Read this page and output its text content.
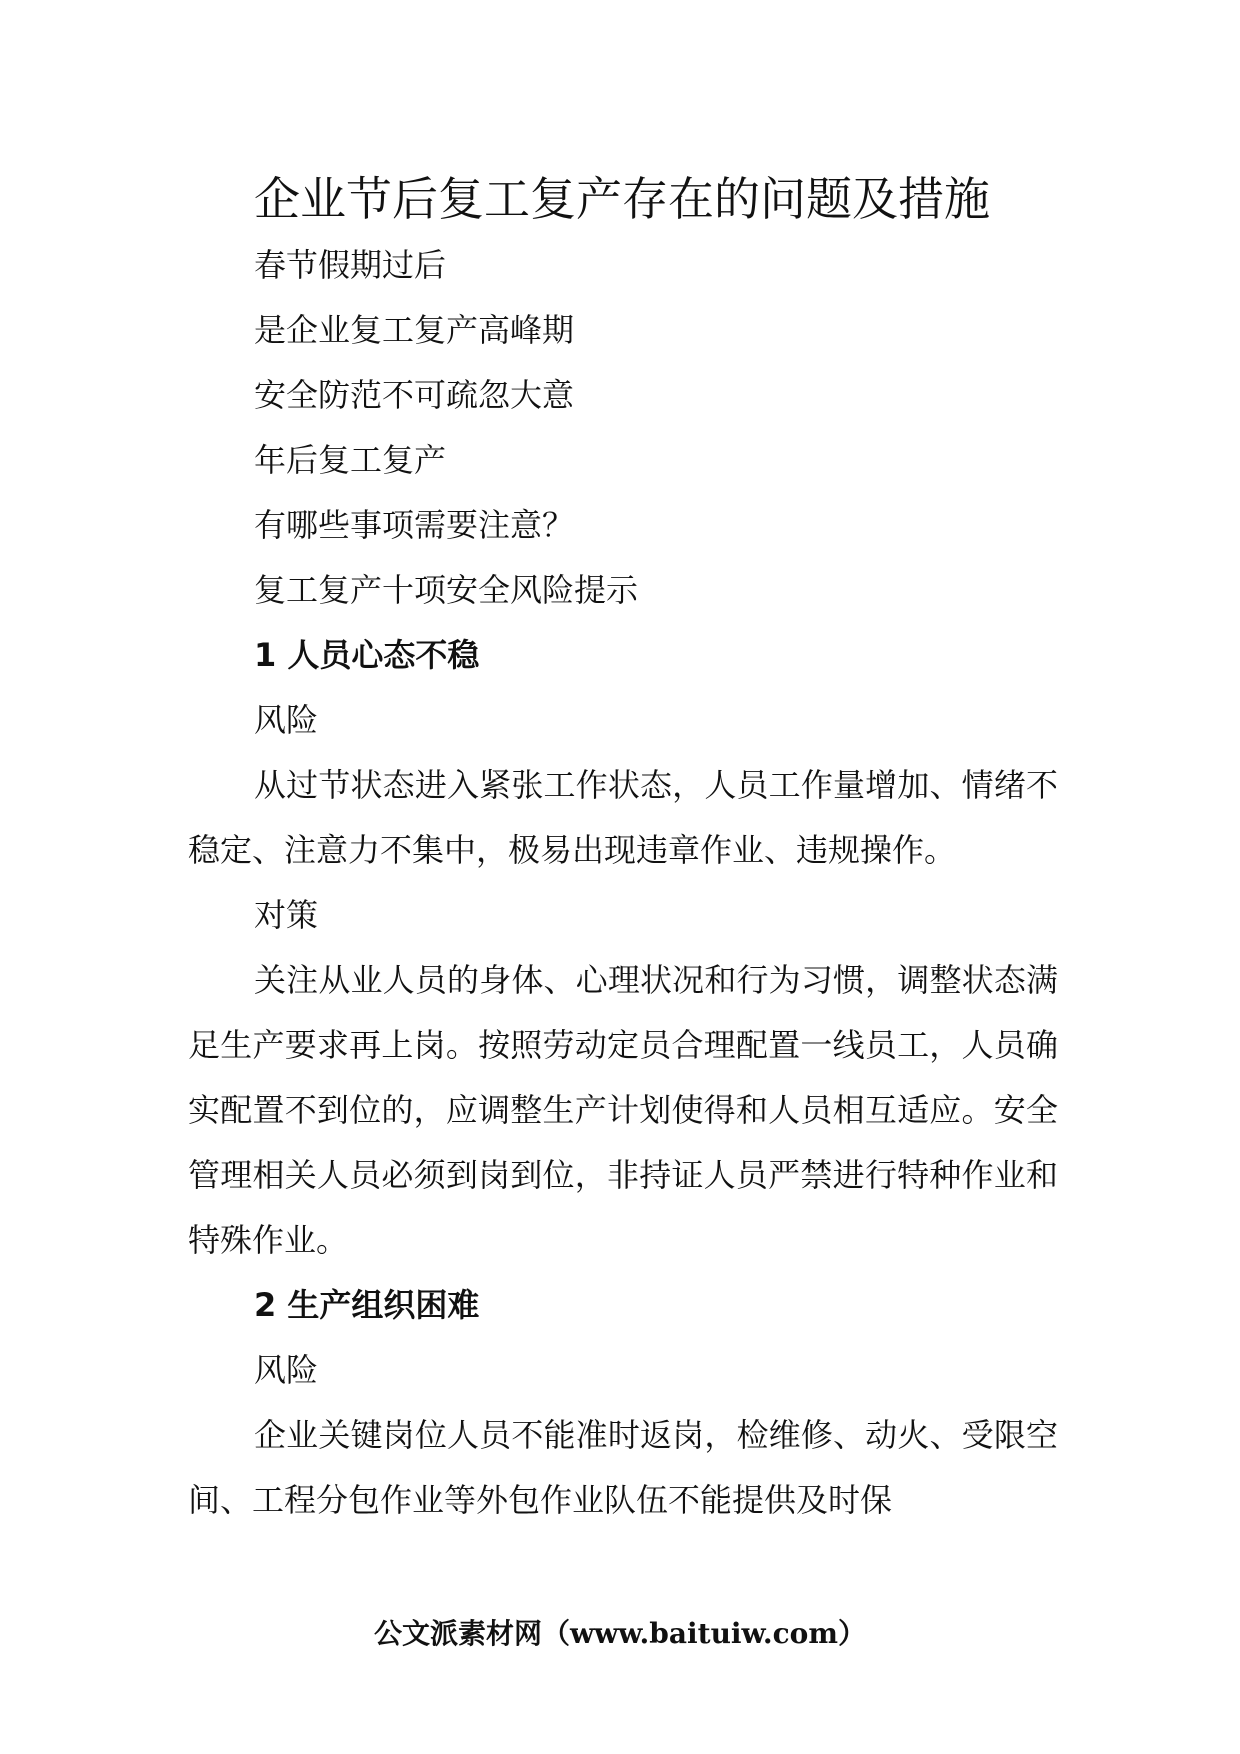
企业节后复工复产存在的问题及措施

春节假期过后

是企业复工复产高峰期

安全防范不可疏忽大意

年后复工复产

有哪些事项需要注意？

复工复产十项安全风险提示

1 人员心态不稳

风险

从过节状态进入紧张工作状态，人员工作量增加、情绪不稳定、注意力不集中，极易出现违章作业、违规操作。

对策

关注从业人员的身体、心理状况和行为习惯，调整状态满足生产要求再上岗。按照劳动定员合理配置一线员工，人员确实配置不到位的，应调整生产计划使得和人员相互适应。安全管理相关人员必须到岗到位，非持证人员严禁进行特种作业和特殊作业。

2 生产组织困难

风险

企业关键岗位人员不能准时返岗，检维修、动火、受限空间、工程分包作业等外包作业队伍不能提供及时保

公文派素材网（www.baituiw.com）
